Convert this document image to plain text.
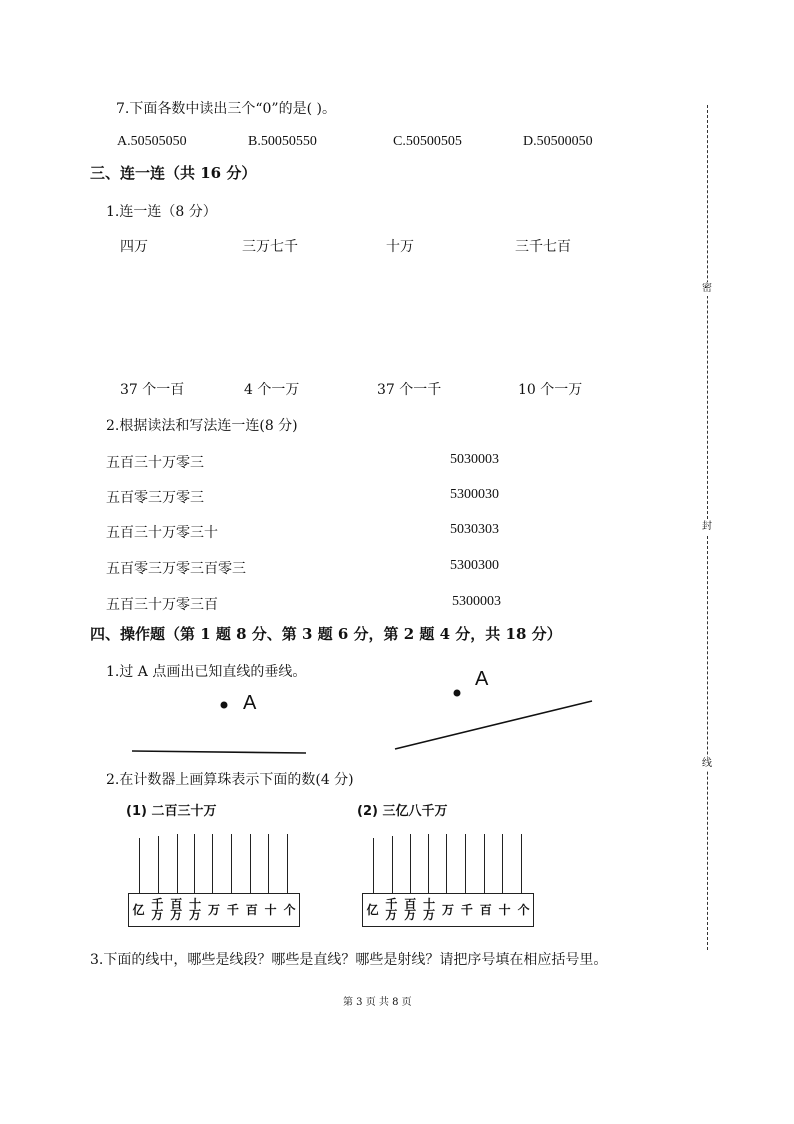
密
封
线
7.下面各数中读出三个“0”的是( )。
A.50505050	B.50050550	C.50500505	D.50500050
三、连一连（共 16 分）
1.连一连（8 分）
四万	三万七千	十万	三千七百
37 个一百	4 个一万	37 个一千	10 个一万
2.根据读法和写法连一连(8 分)
五百三十万零三
五百零三万零三
五百三十万零三十
五百零三万零三百零三
五百三十万零三百
5030003
5300030
5030303
5300300
5300003
四、操作题（第 1 题 8 分、第 3 题 6 分，第 2 题 4 分，共 18 分）
1.过 A 点画出已知直线的垂线。
A
A
2.在计数器上画算珠表示下面的数(4 分)
(1) 二百三十万	(2) 三亿八千万
亿 千
万
百
万
十
万 万 千 百 十 个	亿 千
万
百
万
十
万 万 千 百 十 个
3.下面的线中，哪些是线段？哪些是直线？哪些是射线？请把序号填在相应括号里。
第 3 页 共 8 页
